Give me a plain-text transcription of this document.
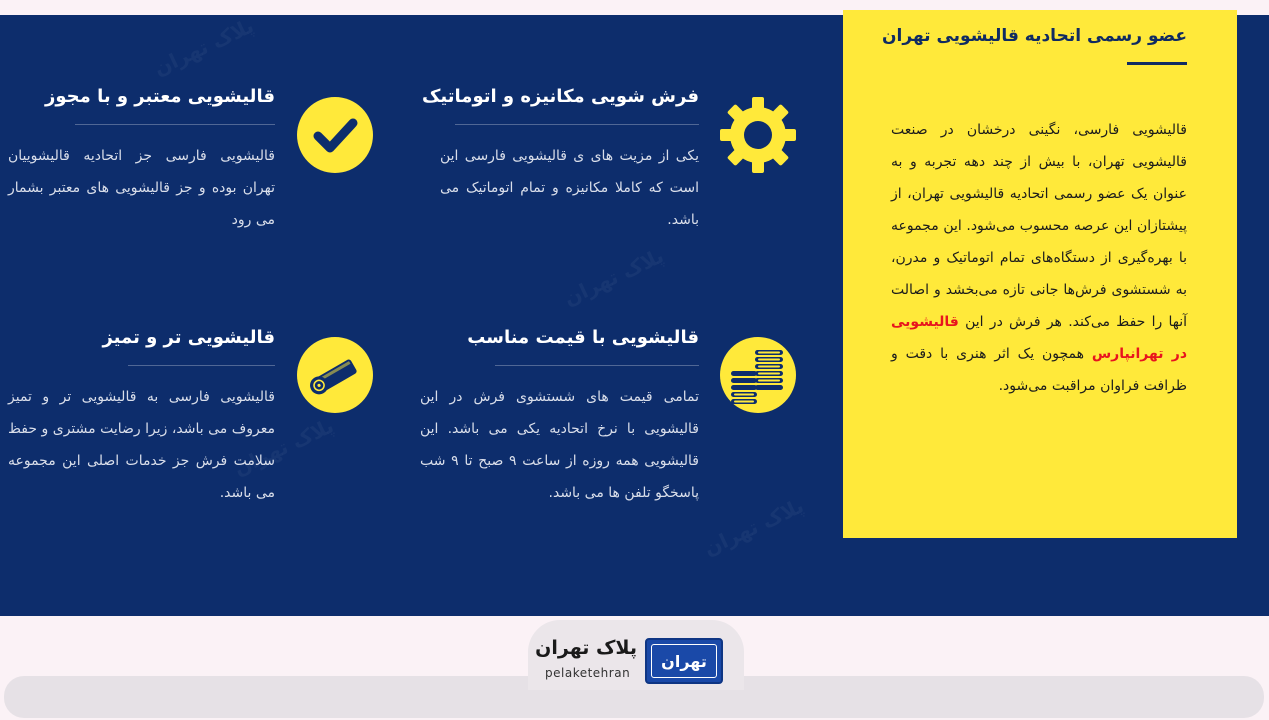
عضو رسمی اتحادیه قالیشویی تهران
قالیشویی فارسی، نگینی درخشان در صنعت قالیشویی تهران، با بیش از چند دهه تجربه و به عنوان یک عضو رسمی اتحادیه قالیشویی تهران، از پیشتازان این عرصه محسوب می‌شود. این مجموعه با بهره‌گیری از دستگاه‌های تمام اتوماتیک و مدرن، به شستشوی فرش‌ها جانی تازه می‌بخشد و اصالت آنها را حفظ می‌کند. هر فرش در این قالیشویی در تهرانپارس همچون یک اثر هنری با دقت و ظرافت فراوان مراقبت می‌شود.
فرش شویی مکانیزه و اتوماتیک
یکی از مزیت های ی قالیشویی فارسی این است که کاملا مکانیزه و تمام اتوماتیک می باشد.
قالیشویی معتبر و با مجوز
قالیشویی فارسی جز اتحادیه قالیشوییان تهران بوده و جز قالیشویی های معتبر بشمار می رود
قالیشویی با قیمت مناسب
تمامی قیمت های شستشوی فرش در این قالیشویی با نرخ اتحادیه یکی می باشد. این قالیشویی همه روزه از ساعت ۹ صبح تا ۹ شب پاسخگو تلفن ها می باشد.
قالیشویی تر و تمیز
قالیشویی فارسی به قالیشویی تر و تمیز معروف می باشد، زیرا رضایت مشتری و حفظ سلامت فرش جز خدمات اصلی این مجموعه می باشد.
تهران
پلاک تهران
pelaketehran
